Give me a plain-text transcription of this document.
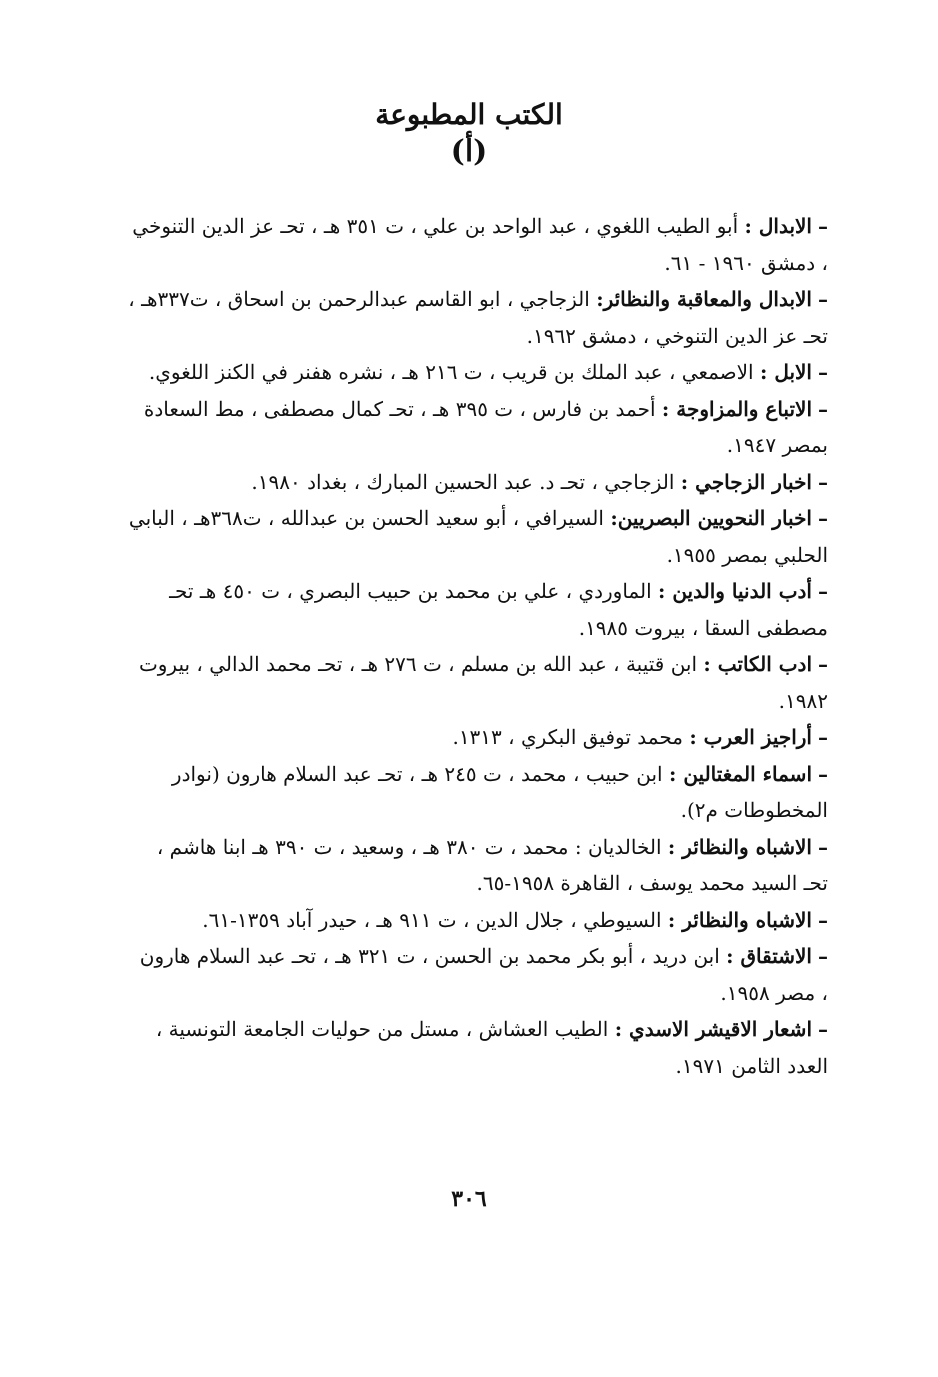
الكتب المطبوعة
(أ)

–الابدال : أبو الطيب اللغوي ، عبد الواحد بن علي ، ت ٣٥١ هـ ، تحـ عز الدين التنوخي ، دمشق ١٩٦٠ - ٦١.

–الابدال والمعاقبة والنظائر: الزجاجي ، ابو القاسم عبدالرحمن بن اسحاق ، ت٣٣٧هـ ، تحـ عز الدين التنوخي ، دمشق ١٩٦٢.

–الابل : الاصمعي ، عبد الملك بن قريب ، ت ٢١٦ هـ ، نشره هفنر في الكنز اللغوي.

–الاتباع والمزاوجة : أحمد بن فارس ، ت ٣٩٥ هـ ، تحـ كمال مصطفى ، مط السعادة بمصر ١٩٤٧.

–اخبار الزجاجي : الزجاجي ، تحـ د. عبد الحسين المبارك ، بغداد ١٩٨٠.

–اخبار النحويين البصريين: السيرافي ، أبو سعيد الحسن بن عبدالله ، ت٣٦٨هـ ، البابي الحلبي بمصر ١٩٥٥.

–أدب الدنيا والدين : الماوردي ، علي بن محمد بن حبيب البصري ، ت ٤٥٠ هـ تحـ مصطفى السقا ، بيروت ١٩٨٥.

–ادب الكاتب : ابن قتيبة ، عبد الله بن مسلم ، ت ٢٧٦ هـ ، تحـ محمد الدالي ، بيروت ١٩٨٢.

–أراجيز العرب : محمد توفيق البكري ، ١٣١٣.

–اسماء المغتالين : ابن حبيب ، محمد ، ت ٢٤٥ هـ ، تحـ عبد السلام هارون (نوادر المخطوطات م٢).

–الاشباه والنظائر : الخالديان : محمد ، ت ٣٨٠ هـ ، وسعيد ، ت ٣٩٠ هـ ابنا هاشم ، تحـ السيد محمد يوسف ، القاهرة ١٩٥٨-٦٥.

–الاشباه والنظائر : السيوطي ، جلال الدين ، ت ٩١١ هـ ، حيدر آباد ١٣٥٩-٦١.

–الاشتقاق : ابن دريد ، أبو بكر محمد بن الحسن ، ت ٣٢١ هـ ، تحـ عبد السلام هارون ، مصر ١٩٥٨.

–اشعار الاقيشر الاسدي : الطيب العشاش ، مستل من حوليات الجامعة التونسية ، العدد الثامن ١٩٧١.

٣٠٦
